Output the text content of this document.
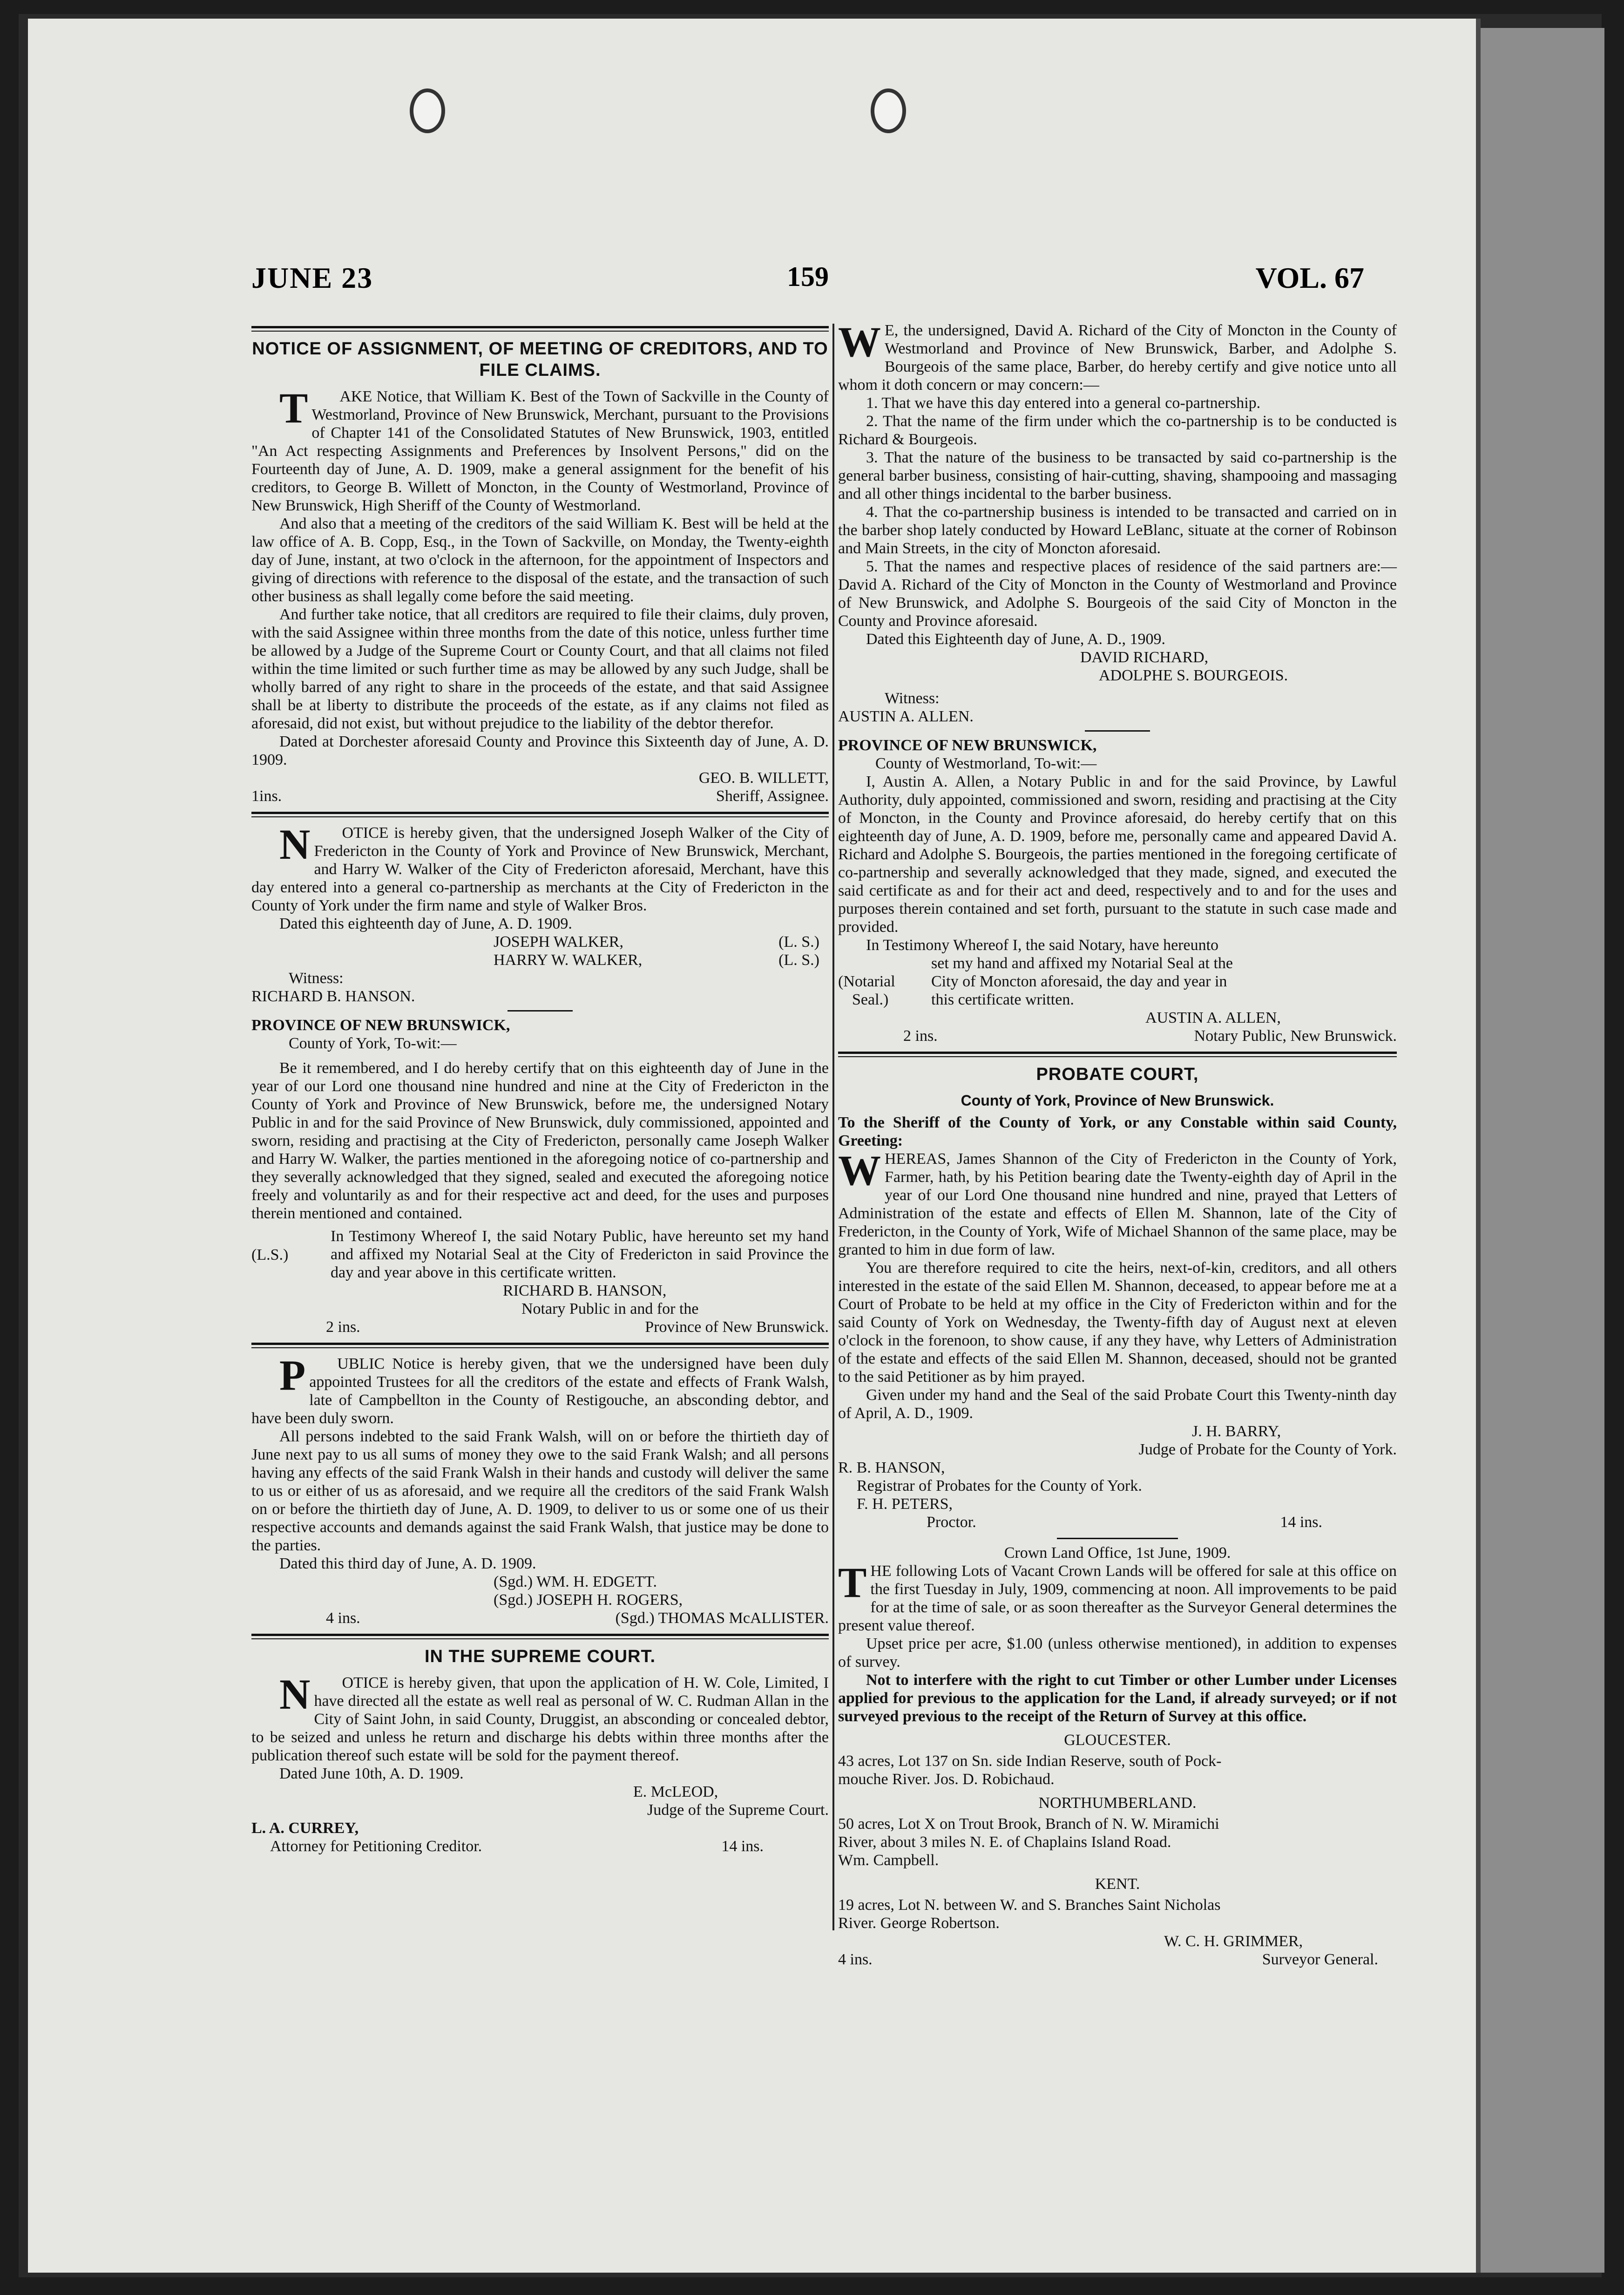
JUNE 23	159	VOL. 67
NOTICE OF ASSIGNMENT, OF MEETING OF CREDITORS, AND TO FILE CLAIMS.

T AKE Notice, that William K. Best of the Town of Sackville in the County of Westmorland, Province of New Brunswick, Merchant, pursuant to the Provisions of Chapter 141 of the Consolidated Statutes of New Brunswick, 1903, entitled "An Act respecting Assignments and Preferences by Insolvent Persons," did on the Fourteenth day of June, A. D. 1909, make a general assignment for the benefit of his creditors, to George B. Willett of Moncton, in the County of Westmorland, Province of New Brunswick, High Sheriff of the County of Westmorland.

And also that a meeting of the creditors of the said William K. Best will be held at the law office of A. B. Copp, Esq., in the Town of Sackville, on Monday, the Twenty-eighth day of June, instant, at two o'clock in the afternoon, for the appointment of Inspectors and giving of directions with reference to the disposal of the estate, and the transaction of such other business as shall legally come before the said meeting.

And further take notice, that all creditors are required to file their claims, duly proven, with the said Assignee within three months from the date of this notice, unless further time be allowed by a Judge of the Supreme Court or County Court, and that all claims not filed within the time limited or such further time as may be allowed by any such Judge, shall be wholly barred of any right to share in the proceeds of the estate, and that said Assignee shall be at liberty to distribute the proceeds of the estate, as if any claims not filed as aforesaid, did not exist, but without prejudice to the liability of the debtor therefor.

Dated at Dorchester aforesaid County and Province this Sixteenth day of June, A. D. 1909.

GEO. B. WILLETT,
1ins.	Sheriff, Assignee.

N OTICE is hereby given, that the undersigned Joseph Walker of the City of Fredericton in the County of York and Province of New Brunswick, Merchant, and Harry W. Walker of the City of Fredericton aforesaid, Merchant, have this day entered into a general co-partnership as merchants at the City of Fredericton in the County of York under the firm name and style of Walker Bros.

Dated this eighteenth day of June, A. D. 1909.

JOSEPH WALKER,	(L. S.)
HARRY W. WALKER,	(L. S.)
Witness:
RICHARD B. HANSON.
PROVINCE OF NEW BRUNSWICK,
County of York, To-wit:—

Be it remembered, and I do hereby certify that on this eighteenth day of June in the year of our Lord one thousand nine hundred and nine at the City of Fredericton in the County of York and Province of New Brunswick, before me, the undersigned Notary Public in and for the said Province of New Brunswick, duly commissioned, appointed and sworn, residing and practising at the City of Fredericton, personally came Joseph Walker and Harry W. Walker, the parties mentioned in the aforegoing notice of co-partnership and they severally acknowledged that they signed, sealed and executed the aforegoing notice freely and voluntarily as and for their respective act and deed, for the uses and purposes therein mentioned and contained.

(L.S.)

In Testimony Whereof I, the said Notary Public, have hereunto set my hand and affixed my Notarial Seal at the City of Fredericton in said Province the day and year above in this certificate written.

RICHARD B. HANSON,
Notary Public in and for the
2 ins.	Province of New Brunswick.

P UBLIC Notice is hereby given, that we the undersigned have been duly appointed Trustees for all the creditors of the estate and effects of Frank Walsh, late of Campbellton in the County of Restigouche, an absconding debtor, and have been duly sworn.

All persons indebted to the said Frank Walsh, will on or before the thirtieth day of June next pay to us all sums of money they owe to the said Frank Walsh; and all persons having any effects of the said Frank Walsh in their hands and custody will deliver the same to us or either of us as aforesaid, and we require all the creditors of the said Frank Walsh on or before the thirtieth day of June, A. D. 1909, to deliver to us or some one of us their respective accounts and demands against the said Frank Walsh, that justice may be done to the parties.

Dated this third day of June, A. D. 1909.

(Sgd.) WM. H. EDGETT.
(Sgd.) JOSEPH H. ROGERS,
4 ins.	(Sgd.) THOMAS McALLISTER.
IN THE SUPREME COURT.

N OTICE is hereby given, that upon the application of H. W. Cole, Limited, I have directed all the estate as well real as personal of W. C. Rudman Allan in the City of Saint John, in said County, Druggist, an absconding or concealed debtor, to be seized and unless he return and discharge his debts within three months after the publication thereof such estate will be sold for the payment thereof.

Dated June 10th, A. D. 1909.

E. McLEOD,
Judge of the Supreme Court.
L. A. CURREY,
Attorney for Petitioning Creditor.	14 ins.

W E, the undersigned, David A. Richard of the City of Moncton in the County of Westmorland and Province of New Brunswick, Barber, and Adolphe S. Bourgeois of the same place, Barber, do hereby certify and give notice unto all whom it doth concern or may concern:—

1. That we have this day entered into a general co-partnership.

2. That the name of the firm under which the co-partnership is to be conducted is Richard & Bourgeois.

3. That the nature of the business to be transacted by said co-partnership is the general barber business, consisting of hair-cutting, shaving, shampooing and massaging and all other things incidental to the barber business.

4. That the co-partnership business is intended to be transacted and carried on in the barber shop lately conducted by Howard LeBlanc, situate at the corner of Robinson and Main Streets, in the city of Moncton aforesaid.

5. That the names and respective places of residence of the said partners are:—David A. Richard of the City of Moncton in the County of Westmorland and Province of New Brunswick, and Adolphe S. Bourgeois of the said City of Moncton in the County and Province aforesaid.

Dated this Eighteenth day of June, A. D., 1909.

DAVID RICHARD,
ADOLPHE S. BOURGEOIS.
Witness:
AUSTIN A. ALLEN.
PROVINCE OF NEW BRUNSWICK,
County of Westmorland, To-wit:—

I, Austin A. Allen, a Notary Public in and for the said Province, by Lawful Authority, duly appointed, commissioned and sworn, residing and practising at the City of Moncton, in the County and Province aforesaid, do hereby certify that on this eighteenth day of June, A. D. 1909, before me, personally came and appeared David A. Richard and Adolphe S. Bourgeois, the parties mentioned in the foregoing certificate of co-partnership and severally acknowledged that they made, signed, and executed the said certificate as and for their act and deed, respectively and to and for the uses and purposes therein contained and set forth, pursuant to the statute in such case made and provided.

In Testimony Whereof I, the said Notary, have hereunto
(Notarial
Seal.)
set my hand and affixed my Notarial Seal at the
City of Moncton aforesaid, the day and year in
this certificate written.
AUSTIN A. ALLEN,
2 ins.	Notary Public, New Brunswick.
PROBATE COURT,
County of York, Province of New Brunswick.

To the Sheriff of the County of York, or any Constable within said County, Greeting:

WHEREAS, James Shannon of the City of Fredericton in the County of York, Farmer, hath, by his Petition bearing date the Twenty-eighth day of April in the year of our Lord One thousand nine hundred and nine, prayed that Letters of Administration of the estate and effects of Ellen M. Shannon, late of the City of Fredericton, in the County of York, Wife of Michael Shannon of the same place, may be granted to him in due form of law.

You are therefore required to cite the heirs, next-of-kin, creditors, and all others interested in the estate of the said Ellen M. Shannon, deceased, to appear before me at a Court of Probate to be held at my office in the City of Fredericton within and for the said County of York on Wednesday, the Twenty-fifth day of August next at eleven o'clock in the forenoon, to show cause, if any they have, why Letters of Administration of the estate and effects of the said Ellen M. Shannon, deceased, should not be granted to the said Petitioner as by him prayed.

Given under my hand and the Seal of the said Probate Court this Twenty-ninth day of April, A. D., 1909.

J. H. BARRY,
Judge of Probate for the County of York.
R. B. HANSON,
Registrar of Probates for the County of York.
F. H. PETERS,
Proctor.	14 ins.
Crown Land Office, 1st June, 1909.

THE following Lots of Vacant Crown Lands will be offered for sale at this office on the first Tuesday in July, 1909, commencing at noon. All improvements to be paid for at the time of sale, or as soon thereafter as the Surveyor General determines the present value thereof.

Upset price per acre, $1.00 (unless otherwise mentioned), in addition to expenses of survey.

Not to interfere with the right to cut Timber or other Lumber under Licenses applied for previous to the application for the Land, if already surveyed; or if not surveyed previous to the receipt of the Return of Survey at this office.

GLOUCESTER.
43 acres, Lot 137 on Sn. side Indian Reserve, south of Pock-
mouche River. Jos. D. Robichaud.
NORTHUMBERLAND.
50 acres, Lot X on Trout Brook, Branch of N. W. Miramichi
River, about 3 miles N. E. of Chaplains Island Road.
Wm. Campbell.
KENT.
19 acres, Lot N. between W. and S. Branches Saint Nicholas
River. George Robertson.
W. C. H. GRIMMER,
4 ins.	Surveyor General.
